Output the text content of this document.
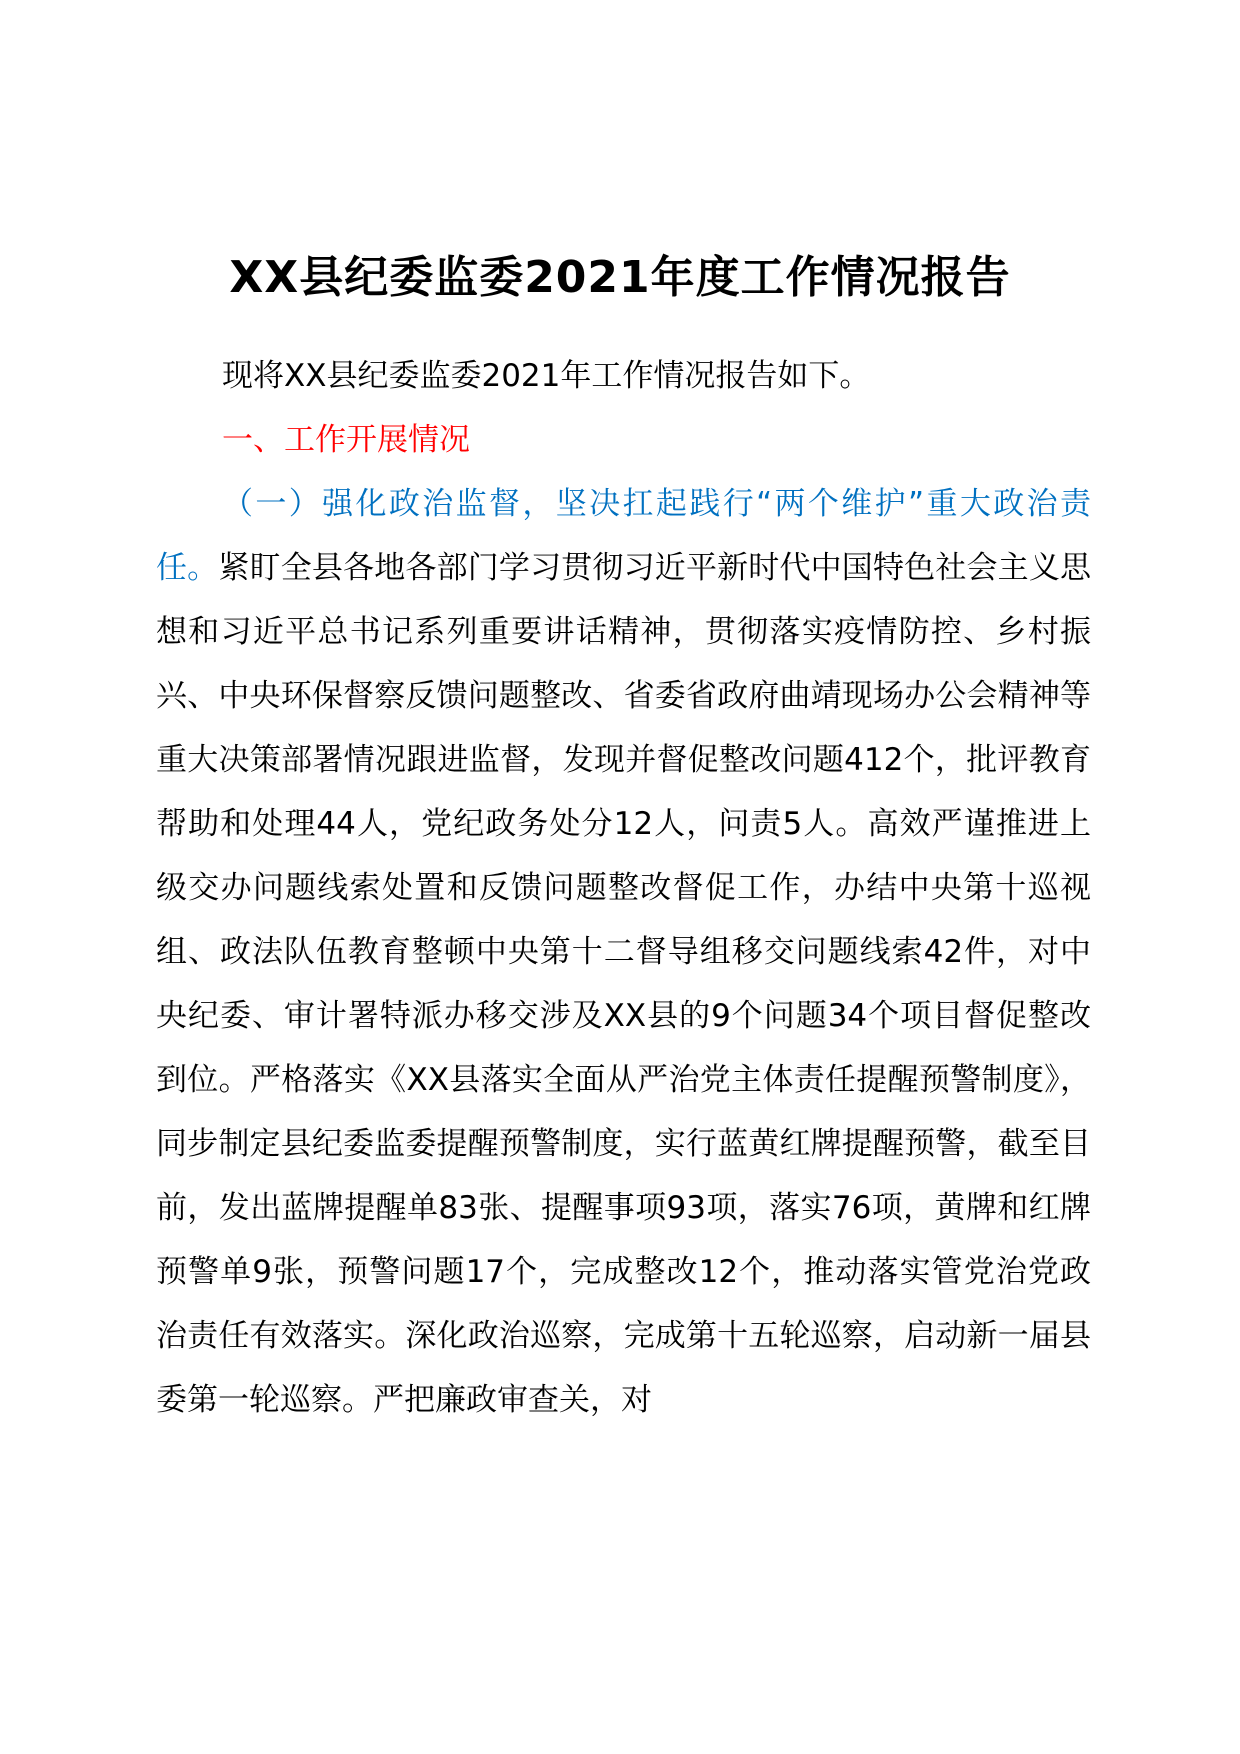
XX县纪委监委2021年度工作情况报告

现将XX县纪委监委2021年工作情况报告如下。

一、工作开展情况

（一）强化政治监督，坚决扛起践行“两个维护”重大政治责任。紧盯全县各地各部门学习贯彻习近平新时代中国特色社会主义思想和习近平总书记系列重要讲话精神，贯彻落实疫情防控、乡村振兴、中央环保督察反馈问题整改、省委省政府曲靖现场办公会精神等重大决策部署情况跟进监督，发现并督促整改问题412个，批评教育帮助和处理44人，党纪政务处分12人，问责5人。高效严谨推进上级交办问题线索处置和反馈问题整改督促工作，办结中央第十巡视组、政法队伍教育整顿中央第十二督导组移交问题线索42件，对中央纪委、审计署特派办移交涉及XX县的9个问题34个项目督促整改到位。严格落实《XX县落实全面从严治党主体责任提醒预警制度》，同步制定县纪委监委提醒预警制度，实行蓝黄红牌提醒预警，截至目前，发出蓝牌提醒单83张、提醒事项93项，落实76项，黄牌和红牌预警单9张，预警问题17个，完成整改12个，推动落实管党治党政治责任有效落实。深化政治巡察，完成第十五轮巡察，启动新一届县委第一轮巡察。严把廉政审查关，对
